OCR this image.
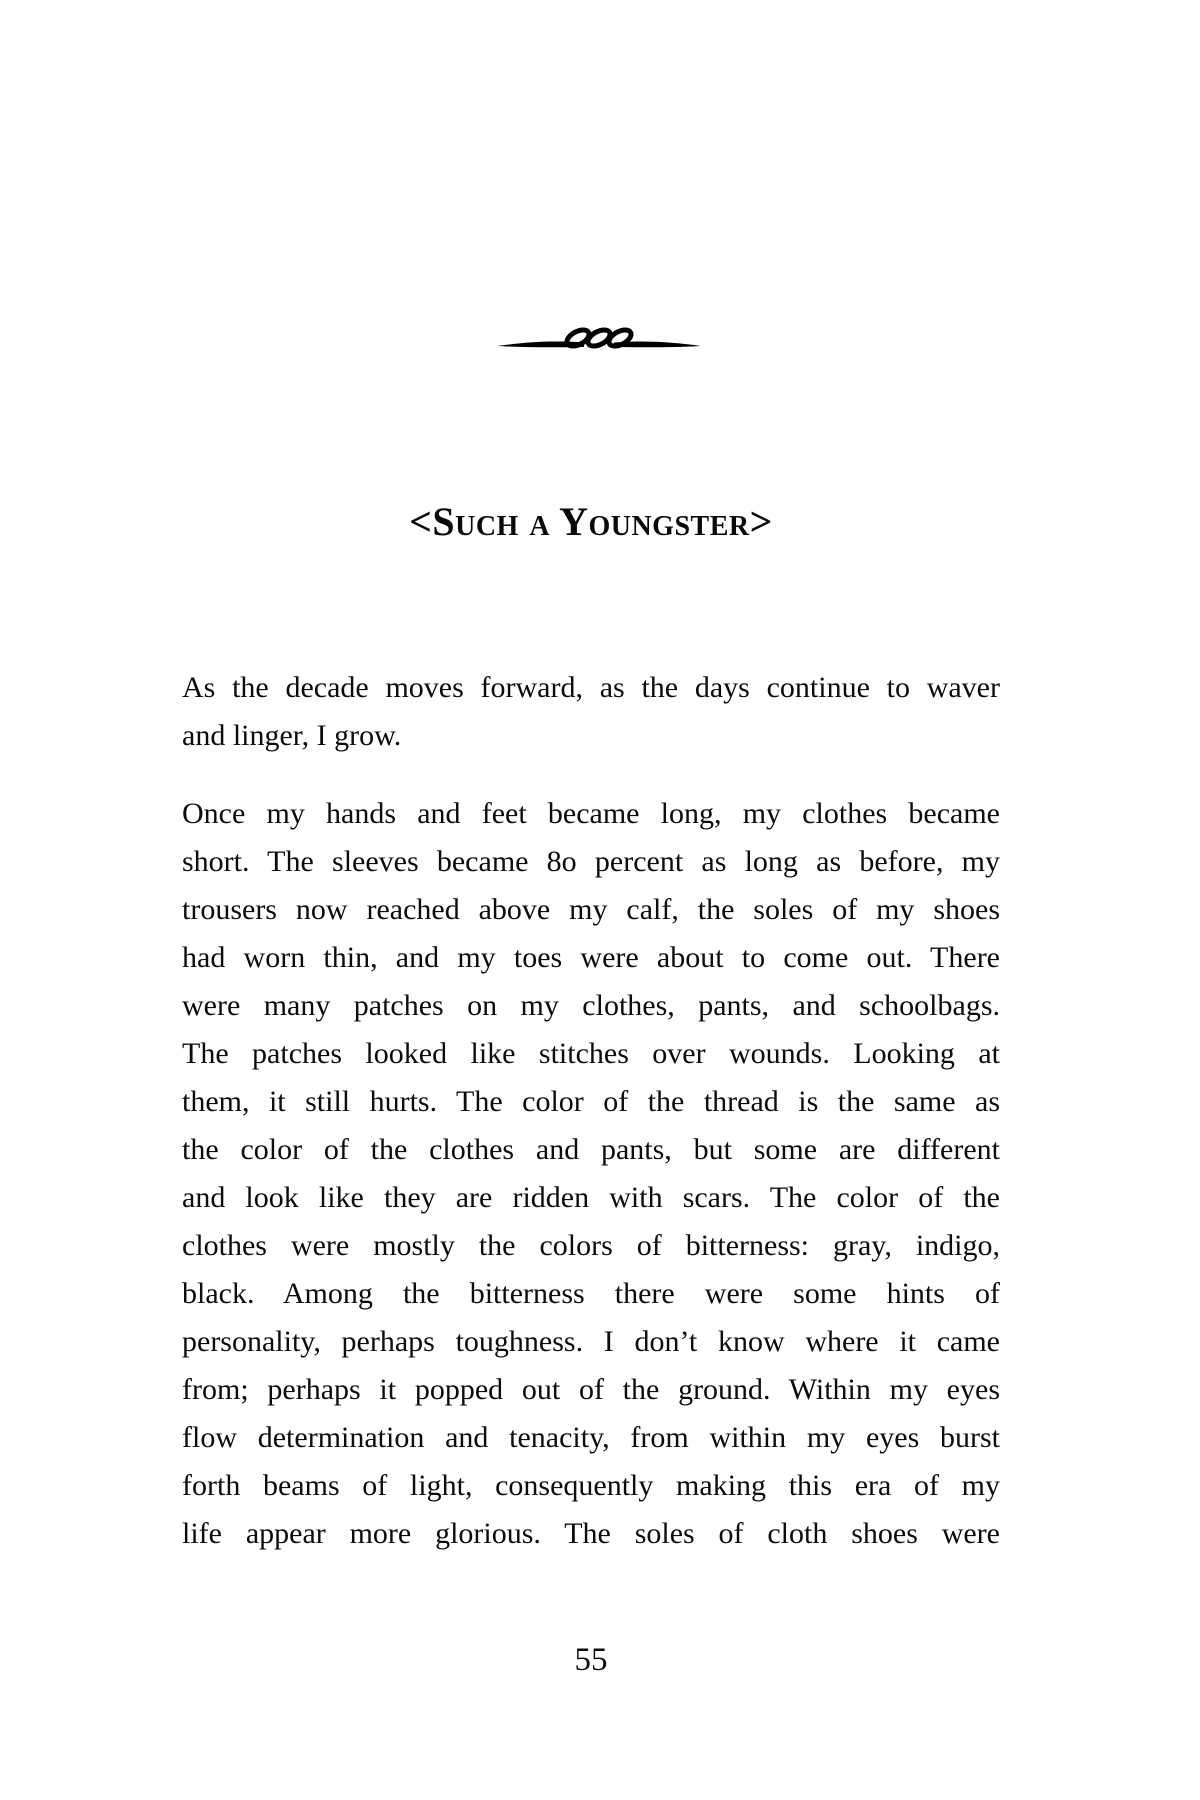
<Such a Youngster>
As the decade moves forward, as the days continue to waver
and linger, I grow.
Once my hands and feet became long, my clothes became
short. The sleeves became 8o percent as long as before, my
trousers now reached above my calf, the soles of my shoes
had worn thin, and my toes were about to come out. There
were many patches on my clothes, pants, and schoolbags.
The patches looked like stitches over wounds. Looking at
them, it still hurts. The color of the thread is the same as
the color of the clothes and pants, but some are different
and look like they are ridden with scars. The color of the
clothes were mostly the colors of bitterness: gray, indigo,
black. Among the bitterness there were some hints of
personality, perhaps toughness. I don’t know where it came
from; perhaps it popped out of the ground. Within my eyes
flow determination and tenacity, from within my eyes burst
forth beams of light, consequently making this era of my
life appear more glorious. The soles of cloth shoes were
55
